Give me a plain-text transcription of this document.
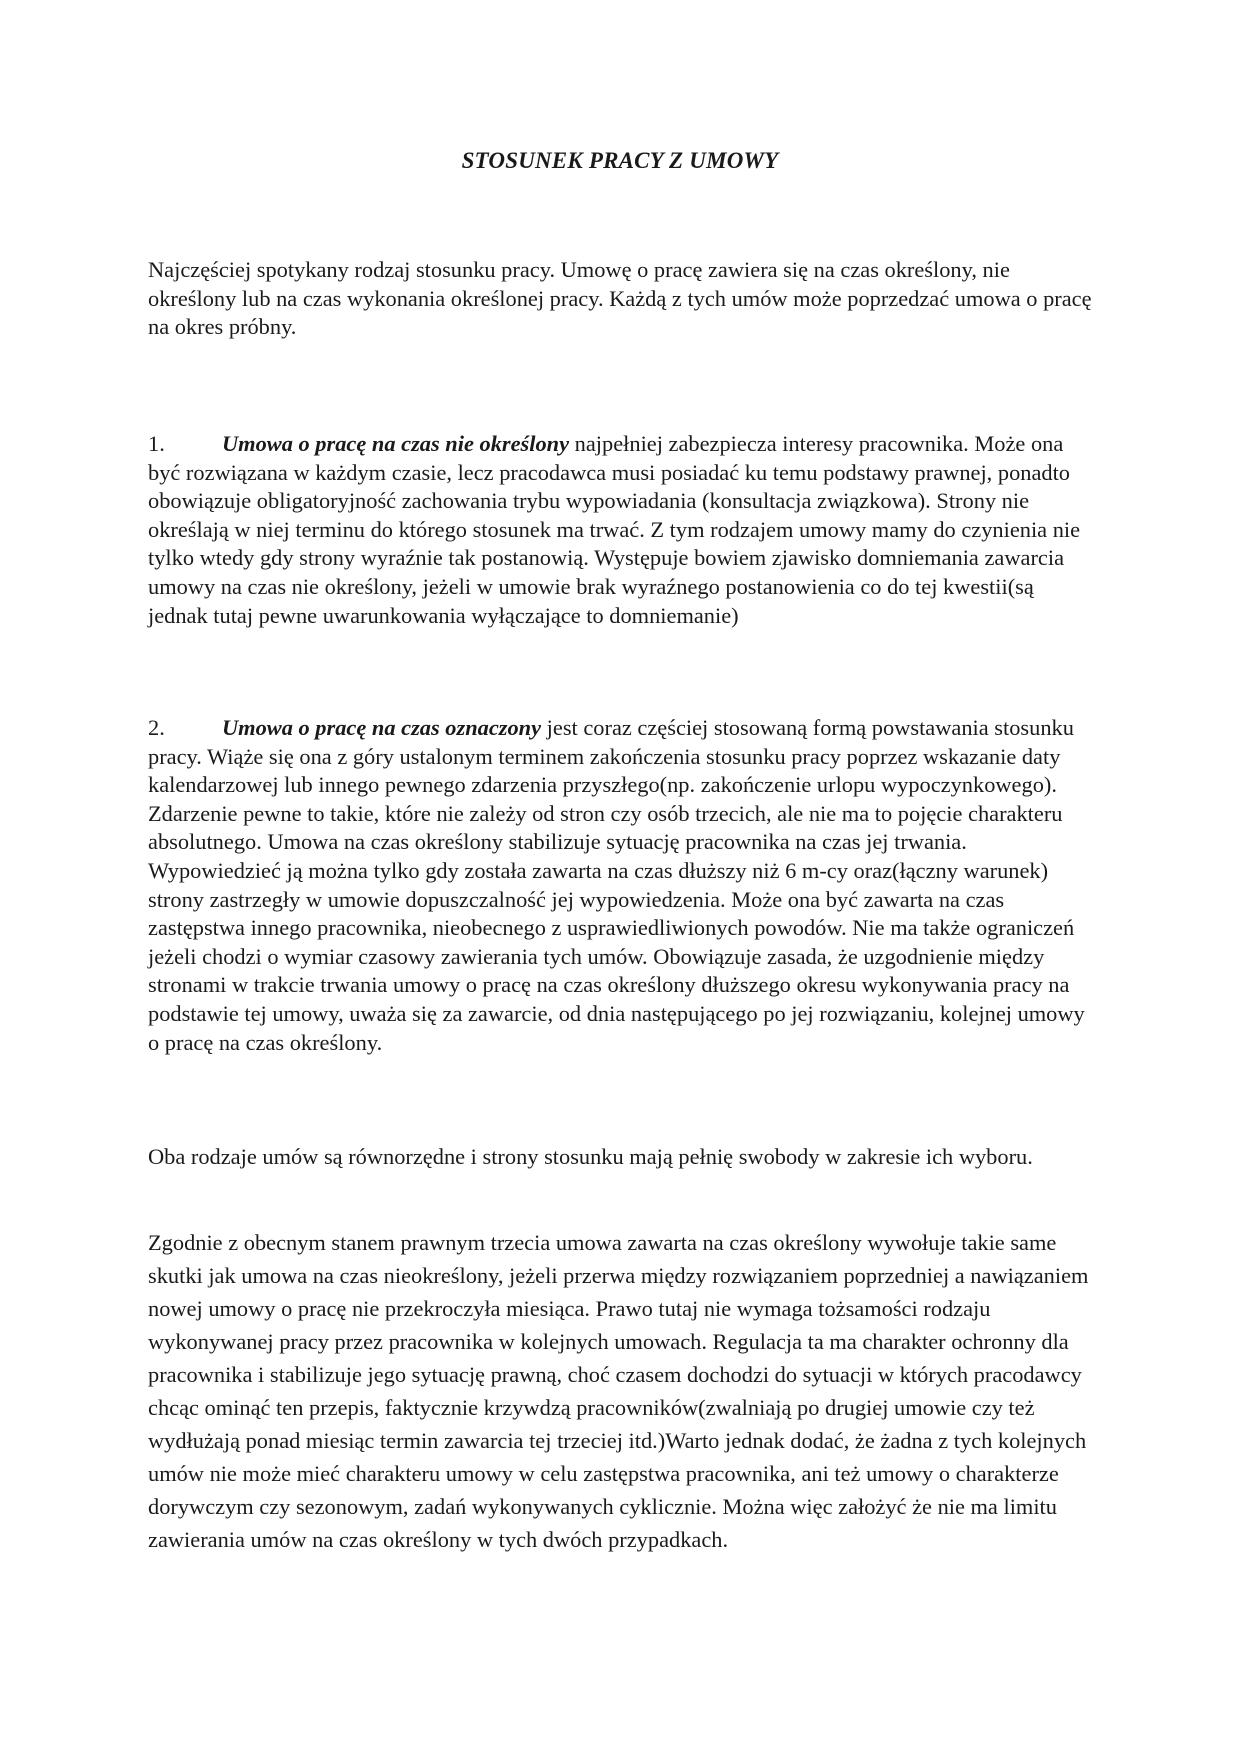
STOSUNEK PRACY Z UMOWY

Najczęściej spotykany rodzaj stosunku pracy. Umowę o pracę zawiera się na czas określony, nie określony lub na czas wykonania określonej pracy. Każdą z tych umów może poprzedzać umowa o pracę na okres próbny.

1.	Umowa o pracę na czas nie określony najpełniej zabezpiecza interesy pracownika. Może ona być rozwiązana w każdym czasie, lecz pracodawca musi posiadać ku temu podstawy prawnej, ponadto obowiązuje obligatoryjność zachowania trybu wypowiadania (konsultacja związkowa). Strony nie określają w niej terminu do którego stosunek ma trwać. Z tym rodzajem umowy mamy do czynienia nie tylko wtedy gdy strony wyraźnie tak postanowią. Występuje bowiem zjawisko domniemania zawarcia umowy na czas nie określony, jeżeli w umowie brak wyraźnego postanowienia co do tej kwestii(są jednak tutaj pewne uwarunkowania wyłączające to domniemanie)

2.	Umowa o pracę na czas oznaczony jest coraz częściej stosowaną formą powstawania stosunku pracy. Wiąże się ona z góry ustalonym terminem zakończenia stosunku pracy poprzez wskazanie daty kalendarzowej lub innego pewnego zdarzenia przyszłego(np. zakończenie urlopu wypoczynkowego). Zdarzenie pewne to takie, które nie zależy od stron czy osób trzecich, ale nie ma to pojęcie charakteru absolutnego. Umowa na czas określony stabilizuje sytuację pracownika na czas jej trwania. Wypowiedzieć ją można tylko gdy została zawarta na czas dłuższy niż 6 m-cy oraz(łączny warunek) strony zastrzegły w umowie dopuszczalność jej wypowiedzenia. Może ona być zawarta na czas zastępstwa innego pracownika, nieobecnego z usprawiedliwionych powodów. Nie ma także ograniczeń jeżeli chodzi o wymiar czasowy zawierania tych umów. Obowiązuje zasada, że uzgodnienie między stronami w trakcie trwania umowy o pracę na czas określony dłuższego okresu wykonywania pracy na podstawie tej umowy, uważa się za zawarcie, od dnia następującego po jej rozwiązaniu, kolejnej umowy o pracę na czas określony.

Oba rodzaje umów są równorzędne i strony stosunku mają pełnię swobody w zakresie ich wyboru.

Zgodnie z obecnym stanem prawnym trzecia umowa zawarta na czas określony wywołuje takie same skutki jak umowa na czas nieokreślony, jeżeli przerwa między rozwiązaniem poprzedniej a nawiązaniem nowej umowy o pracę nie przekroczyła miesiąca. Prawo tutaj nie wymaga tożsamości rodzaju wykonywanej pracy przez pracownika w kolejnych umowach. Regulacja ta ma charakter ochronny dla pracownika i stabilizuje jego sytuację prawną, choć czasem dochodzi do sytuacji w których pracodawcy chcąc ominąć ten przepis, faktycznie krzywdzą pracowników(zwalniają po drugiej umowie czy też wydłużają ponad miesiąc termin zawarcia tej trzeciej itd.)Warto jednak dodać, że żadna z tych kolejnych umów nie może mieć charakteru umowy w celu zastępstwa pracownika, ani też umowy o charakterze dorywczym czy sezonowym, zadań wykonywanych cyklicznie. Można więc założyć że nie ma limitu zawierania umów na czas określony w tych dwóch przypadkach.
